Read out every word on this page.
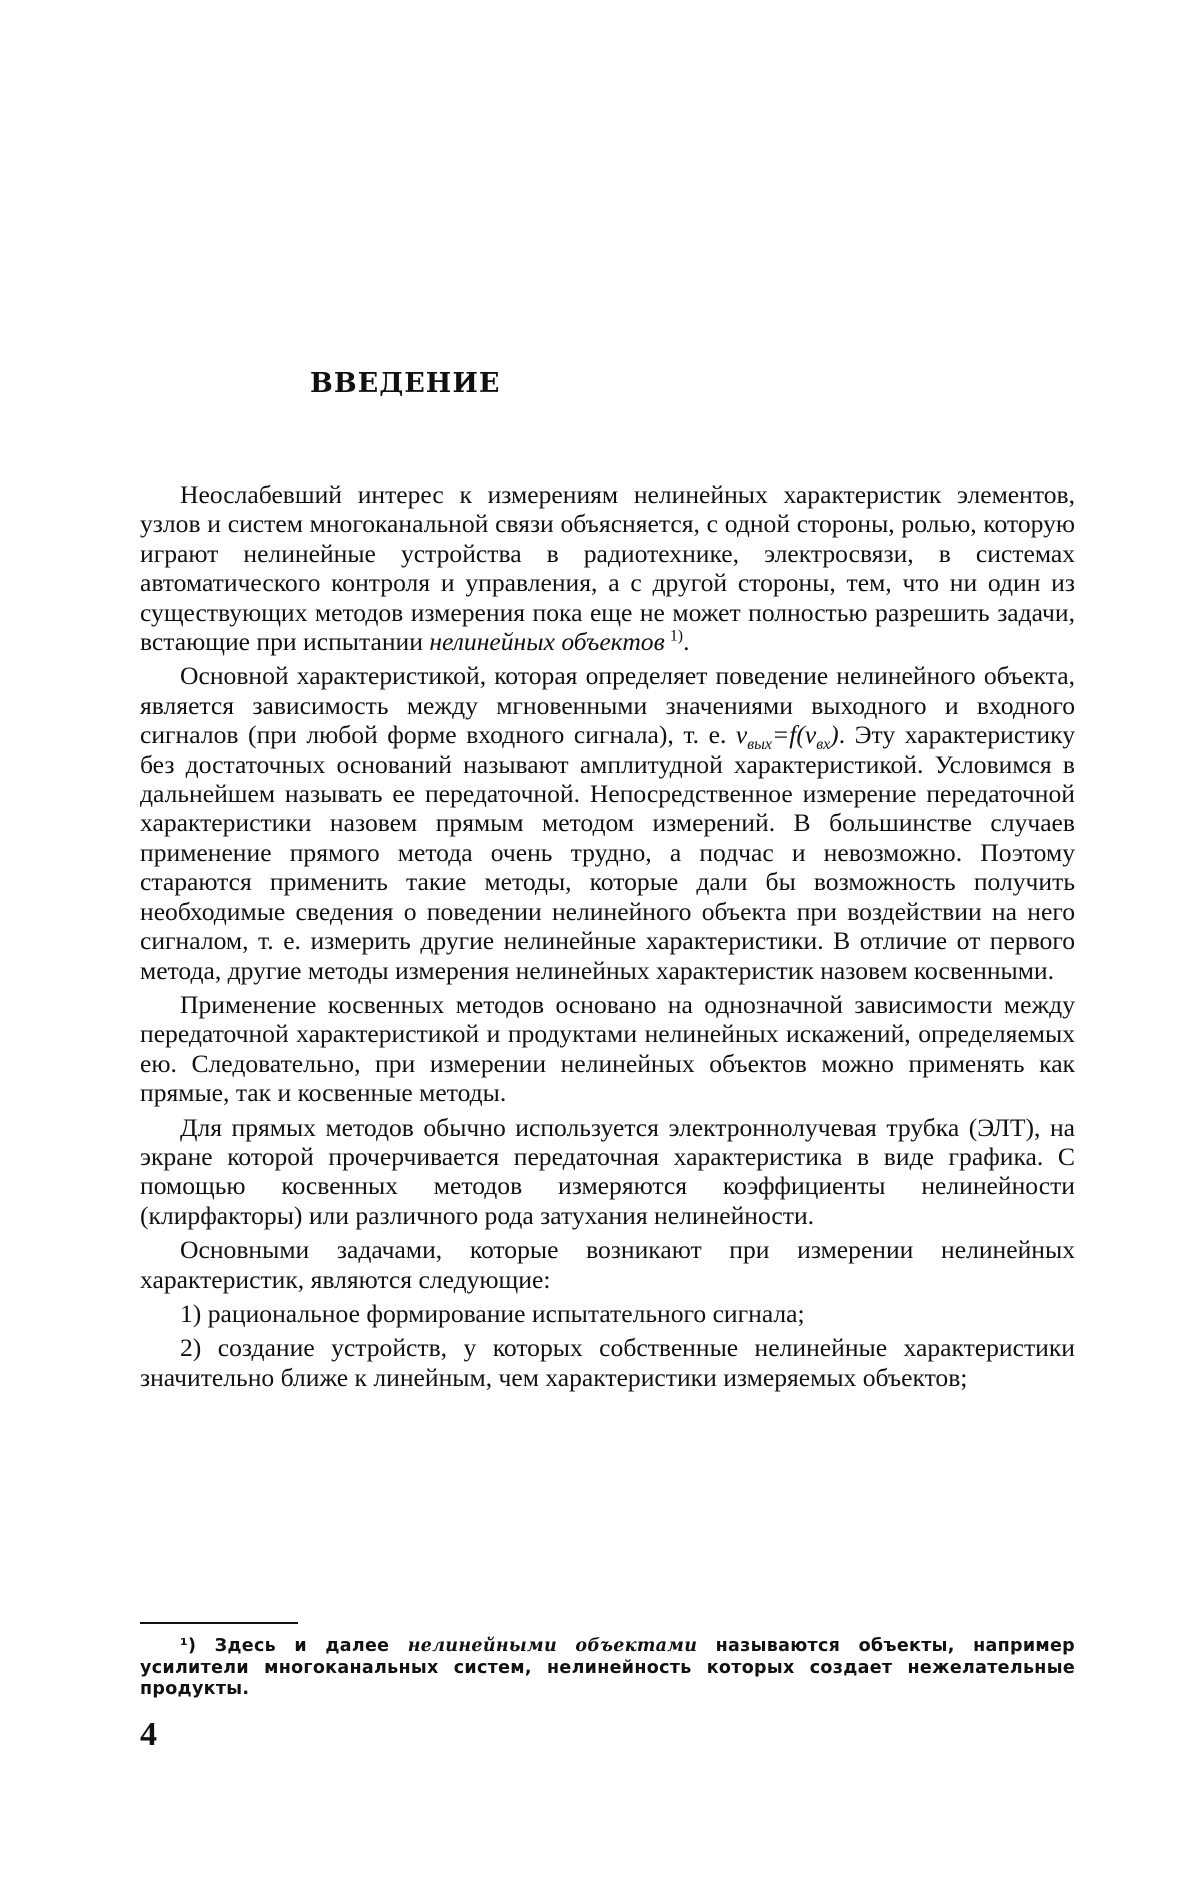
ВВЕДЕНИЕ

Неослабевший интерес к измерениям нелинейных характеристик элементов, узлов и систем многоканальной связи объясняется, с одной стороны, ролью, которую играют нелинейные устройства в радиотехнике, электросвязи, в системах автоматического контроля и управления, а с другой стороны, тем, что ни один из существующих методов измерения пока еще не может полностью разрешить задачи, встающие при испытании нелинейных объектов  $^{1)}$.

Основной характеристикой, которая определяет поведение нелинейного объекта, является зависимость между мгновенными значениями выходного и входного сигналов (при любой форме входного сигнала), т. е. $v_{вых}=f(v_{вх})$. Эту характеристику без достаточных оснований называют амплитудной характеристикой. Условимся в дальнейшем называть ее передаточной. Непосредственное измерение передаточной характеристики назовем прямым методом измерений. В большинстве случаев применение прямого метода очень трудно, а подчас и невозможно. Поэтому стараются применить такие методы, которые дали бы возможность получить необходимые сведения о поведении нелинейного объекта при воздействии на него сигналом, т. е. измерить другие нелинейные характеристики. В отличие от первого метода, другие методы измерения нелинейных характеристик назовем косвенными.

Применение косвенных методов основано на однозначной зависимости между передаточной характеристикой и продуктами нелинейных искажений, определяемых ею. Следовательно, при измерении нелинейных объектов можно применять как прямые, так и косвенные методы.

Для прямых методов обычно используется электроннолучевая трубка (ЭЛТ), на экране которой прочерчивается передаточная характеристика в виде графика. С помощью косвенных методов измеряются коэффициенты нелинейности (клирфакторы) или различного рода затухания нелинейности.

Основными задачами, которые возникают при измерении нелинейных характеристик, являются следующие:

1) рациональное формирование испытательного сигнала;

2) создание устройств, у которых собственные нелинейные характеристики значительно ближе к линейным, чем характеристики измеряемых объектов;

¹) Здесь и далее нелинейными объектами называются объекты, например усилители многоканальных систем, нелинейность которых создает нежелательные продукты.
4
